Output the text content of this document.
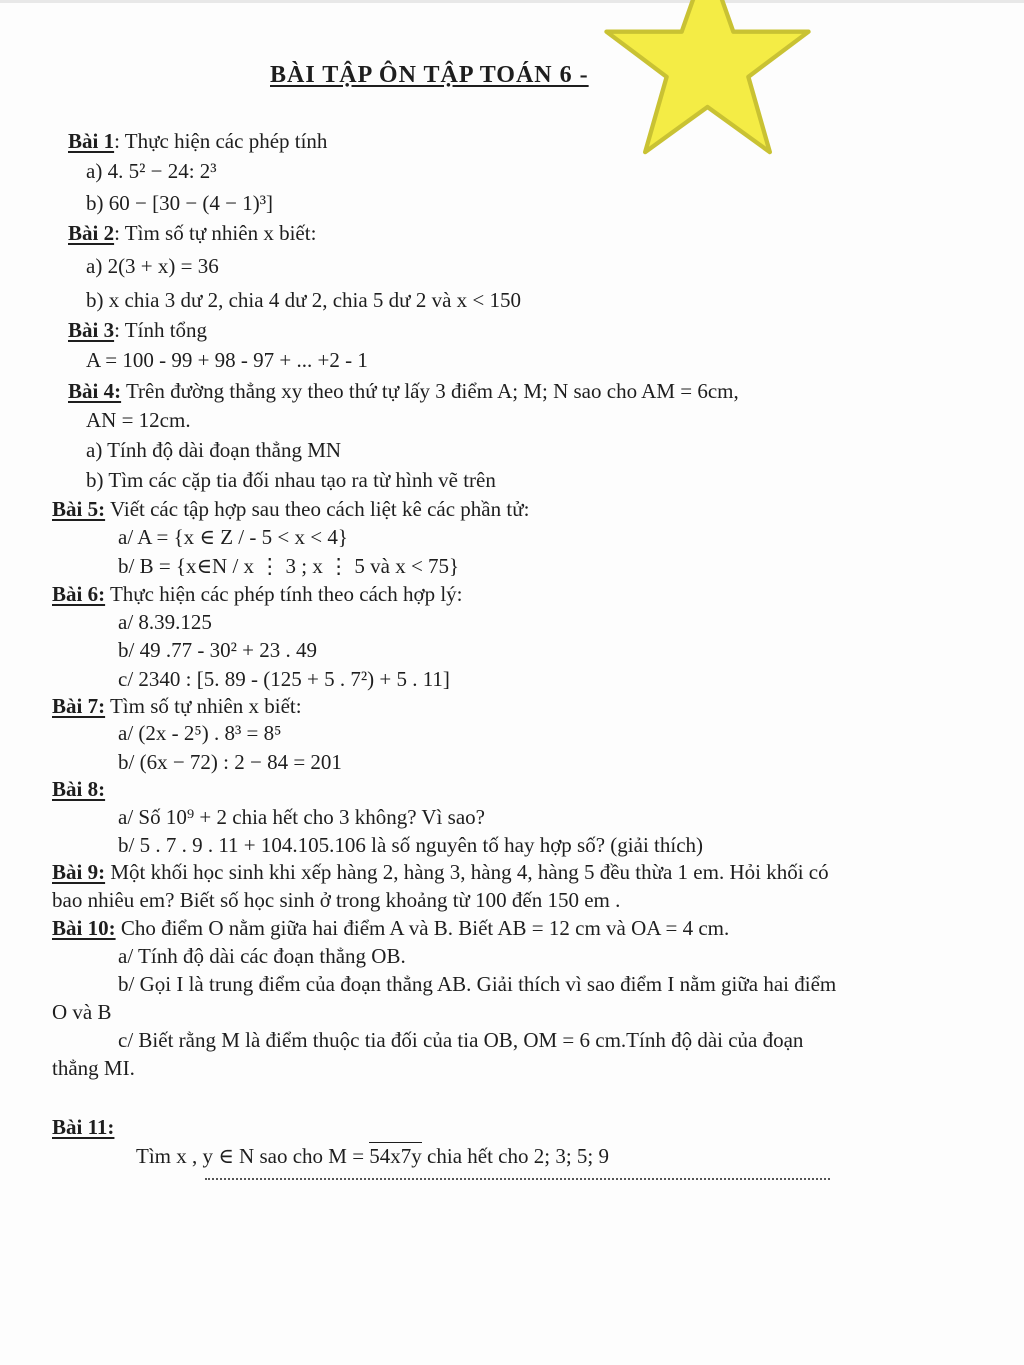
BÀI TẬP ÔN TẬP TOÁN 6 -
Bài 1: Thực hiện các phép tính
a) 4. 5² − 24: 2³
b) 60 − [30 − (4 − 1)³]
Bài 2: Tìm số tự nhiên x biết:
a) 2(3 + x) = 36
b) x chia 3 dư 2, chia 4 dư 2, chia 5 dư 2 và x < 150
Bài 3: Tính tổng
A = 100 - 99 + 98 - 97 + ... +2 - 1
Bài 4: Trên đường thẳng xy theo thứ tự lấy 3 điểm A; M; N sao cho AM = 6cm,
AN = 12cm.
a) Tính độ dài đoạn thẳng MN
b) Tìm các cặp tia đối nhau tạo ra từ hình vẽ trên
Bài 5: Viết các tập hợp sau theo cách liệt kê các phần tử:
a/ A = {x ∈ Z / - 5 < x < 4}
b/ B = {x∈N / x ⋮ 3 ; x ⋮ 5 và x < 75}
Bài 6: Thực hiện các phép tính theo cách hợp lý:
a/ 8.39.125
b/ 49 .77 - 30² + 23 . 49
c/ 2340 : [5. 89 - (125 + 5 . 7²) + 5 . 11]
Bài 7: Tìm số tự nhiên x biết:
a/ (2x - 2⁵) . 8³ = 8⁵
b/ (6x − 72) : 2 − 84 = 201
Bài 8:
a/ Số 10⁹ + 2 chia hết cho 3 không? Vì sao?
b/ 5 . 7 . 9 . 11 + 104.105.106 là số nguyên tố hay hợp số? (giải thích)
Bài 9: Một khối học sinh khi xếp hàng 2, hàng 3, hàng 4, hàng 5 đều thừa 1 em. Hỏi khối có
bao nhiêu em? Biết số học sinh ở trong khoảng từ 100 đến 150 em .
Bài 10: Cho điểm O nằm giữa hai điểm A và B. Biết AB = 12 cm và OA = 4 cm.
a/ Tính độ dài các đoạn thẳng OB.
b/ Gọi I là trung điểm của đoạn thẳng AB. Giải thích vì sao điểm I nằm giữa hai điểm
O và B
c/ Biết rằng M là điểm thuộc tia đối của tia OB, OM = 6 cm.Tính độ dài của đoạn
thẳng MI.
Bài 11:
Tìm x , y ∈ N sao cho M = 54x7y chia hết cho 2; 3; 5; 9
